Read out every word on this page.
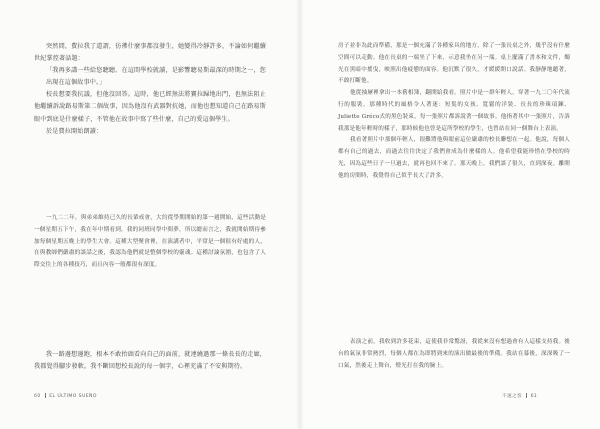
突然間，費拉我了道謂，彷彿什麼事都沒發生，她變得冷靜許多，不論如何繼續世紀掌控著話題：

「我再多講一些給您聽聽。在這間學校就讀，是影響聽易斯最深的時期之一，您出現在這個故事中。」

校長想要我抗議，但他沒回答。這時，他已經無法將寶拉歸地出門，也無法阻止他繼續訴說路易斯第二個故事，因為他沒有武器對抗她，而他也想知道自己在路易斯眼中到底是什麼樣子，不管他在故事中寫了些什麼，自己的愛這個學生。

於是費拉開始朗讀：

一九二二年，與弟弟維持已久的長輩戒會，大約從學期開始的第一週開始，這些活動是一個星期五下午，我在年中期看到，我的同班同學中間夢，所以總而言之，我就開始期待參加每個星期五晚上的學生大會。這種大型聚會裡，在演講者中，平常是一個很有好處的人，在與教師們嚴肅的談話之後，我認為他們就是整個學校的靈魂。這種討論氛圍，也包含了人際交往上的各種技巧，而且內容一般都很有深度。

我一路邊想邊跑，根本不敢抬頭看向自己的面前，就連繞過那一條長長的走廊，我都覺得腳步發軟。我不斷回想校長說的每一個字，心裡充滿了不安與期待。

60 EL ÚLTIMO SUEÑO

房子並非為此而準備，那是一個充滿了各種家具的地方，除了一張長桌之外，幾乎沒有什麼空間可以走動。他在長桌的一端坐了下來，示意我坐在另一端。桌上擺滿了書本和文件，燭光在黑暗中搖曳，映照出他疲憊的面容。他沉默了很久，才緩緩開口說話。我靜靜地聽著，不敢打斷他。

他從抽屜裡拿出一本舊相簿，翻開給我看。照片中是一群年輕人，穿著一九二〇年代流行的服裝，那種時代的風格令人著迷：短髮的女孩、寬鬆的洋裝、長長的珍珠項鍊、Juliette Gréco式的黑色裝束，每一張照片都訴說著一個故事。他指著其中一張照片，告訴我那是他年輕時的樣子，那時候他也曾是這所學校的學生，也曾站在同一個舞台上表演。

我看著照片中那個年輕人，很難將他與眼前這位嚴肅的校長聯想在一起。他說，每個人都有自己的過去，而過去往往決定了我們會成為什麼樣的人。他希望我能珍惜在學校的時光，因為這些日子一旦過去，就再也回不來了。那天晚上，我們談了很久，直到深夜。離開他的房間時，我覺得自己似乎長大了許多。

表演之前，我收到許多花束，這使我非常驚訝，我從來沒有想過會有人這樣支持我。後台的氣氛非常熱烈，每個人都在為即將到來的演出做最後的準備。我站在幕後，深深吸了一口氣，然後走上舞台，燈光打在我的臉上。

不速之客 61
